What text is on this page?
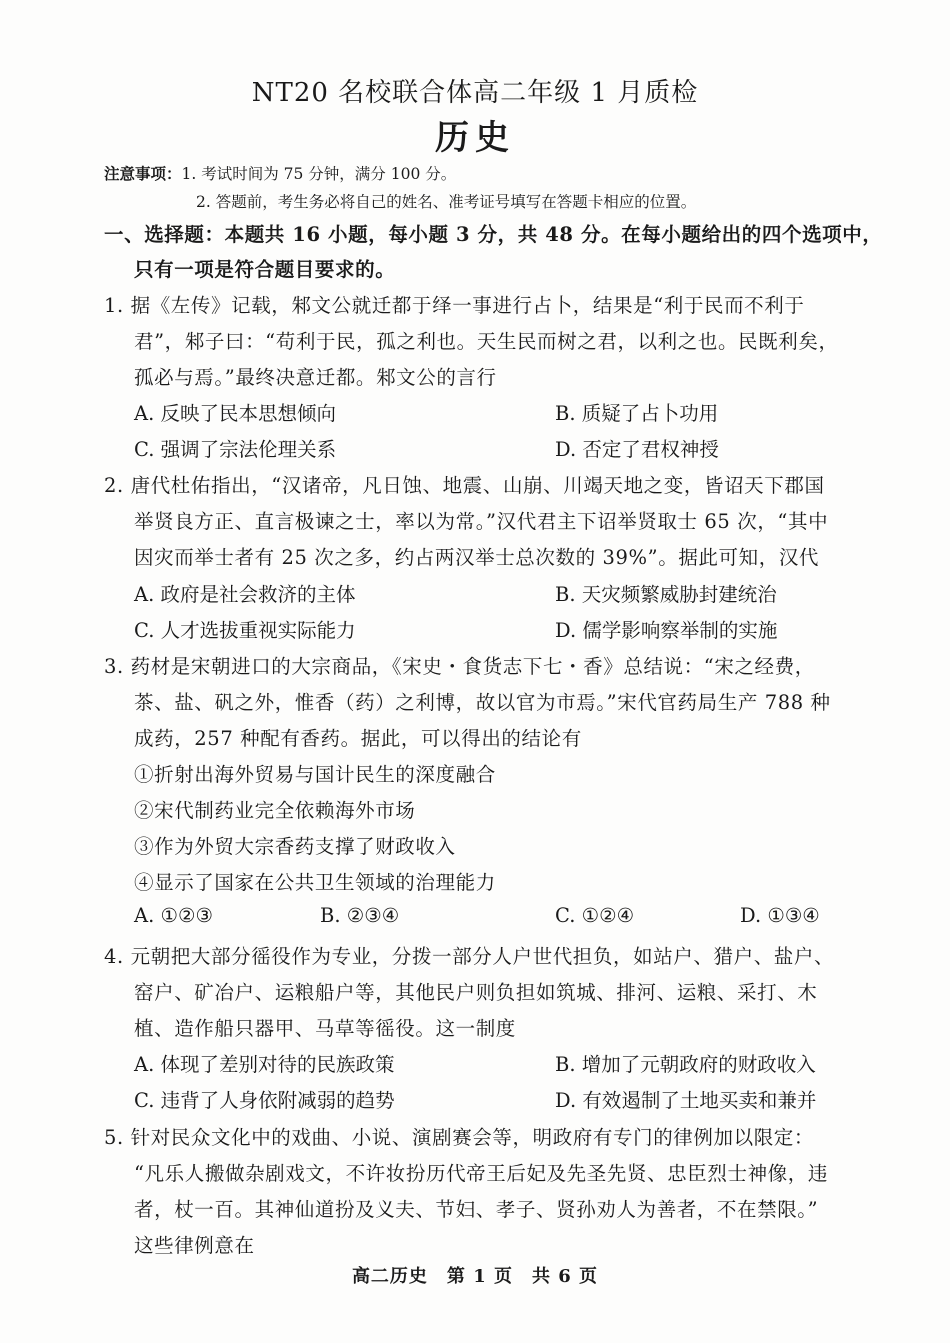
NT20 名校联合体高二年级 1 月质检
历史
注意事项：1. 考试时间为 75 分钟，满分 100 分。
2. 答题前，考生务必将自己的姓名、准考证号填写在答题卡相应的位置。
一、选择题：本题共 16 小题，每小题 3 分，共 48 分。在每小题给出的四个选项中，
只有一项是符合题目要求的。
1. 据《左传》记载，邾文公就迁都于绎一事进行占卜，结果是“利于民而不利于
君”，邾子曰：“苟利于民，孤之利也。天生民而树之君，以利之也。民既利矣，
孤必与焉。”最终决意迁都。邾文公的言行
A. 反映了民本思想倾向	B. 质疑了占卜功用
C. 强调了宗法伦理关系	D. 否定了君权神授
2. 唐代杜佑指出，“汉诸帝，凡日蚀、地震、山崩、川竭天地之变，皆诏天下郡国
举贤良方正、直言极谏之士，率以为常。”汉代君主下诏举贤取士 65 次，“其中
因灾而举士者有 25 次之多，约占两汉举士总次数的 39%”。据此可知，汉代
A. 政府是社会救济的主体	B. 天灾频繁威胁封建统治
C. 人才选拔重视实际能力	D. 儒学影响察举制的实施
3. 药材是宋朝进口的大宗商品，《宋史・食货志下七・香》总结说：“宋之经费，
茶、盐、矾之外，惟香（药）之利博，故以官为市焉。”宋代官药局生产 788 种
成药，257 种配有香药。据此，可以得出的结论有
①折射出海外贸易与国计民生的深度融合
②宋代制药业完全依赖海外市场
③作为外贸大宗香药支撑了财政收入
④显示了国家在公共卫生领域的治理能力
A. ①②③	B. ②③④	C. ①②④	D. ①③④
4. 元朝把大部分徭役作为专业，分拨一部分人户世代担负，如站户、猎户、盐户、
窑户、矿冶户、运粮船户等，其他民户则负担如筑城、排河、运粮、采打、木
植、造作船只器甲、马草等徭役。这一制度
A. 体现了差别对待的民族政策	B. 增加了元朝政府的财政收入
C. 违背了人身依附减弱的趋势	D. 有效遏制了土地买卖和兼并
5. 针对民众文化中的戏曲、小说、演剧赛会等，明政府有专门的律例加以限定：
“凡乐人搬做杂剧戏文，不许妆扮历代帝王后妃及先圣先贤、忠臣烈士神像，违
者，杖一百。其神仙道扮及义夫、节妇、孝子、贤孙劝人为善者，不在禁限。”
这些律例意在
高二历史　第 1 页　共 6 页
